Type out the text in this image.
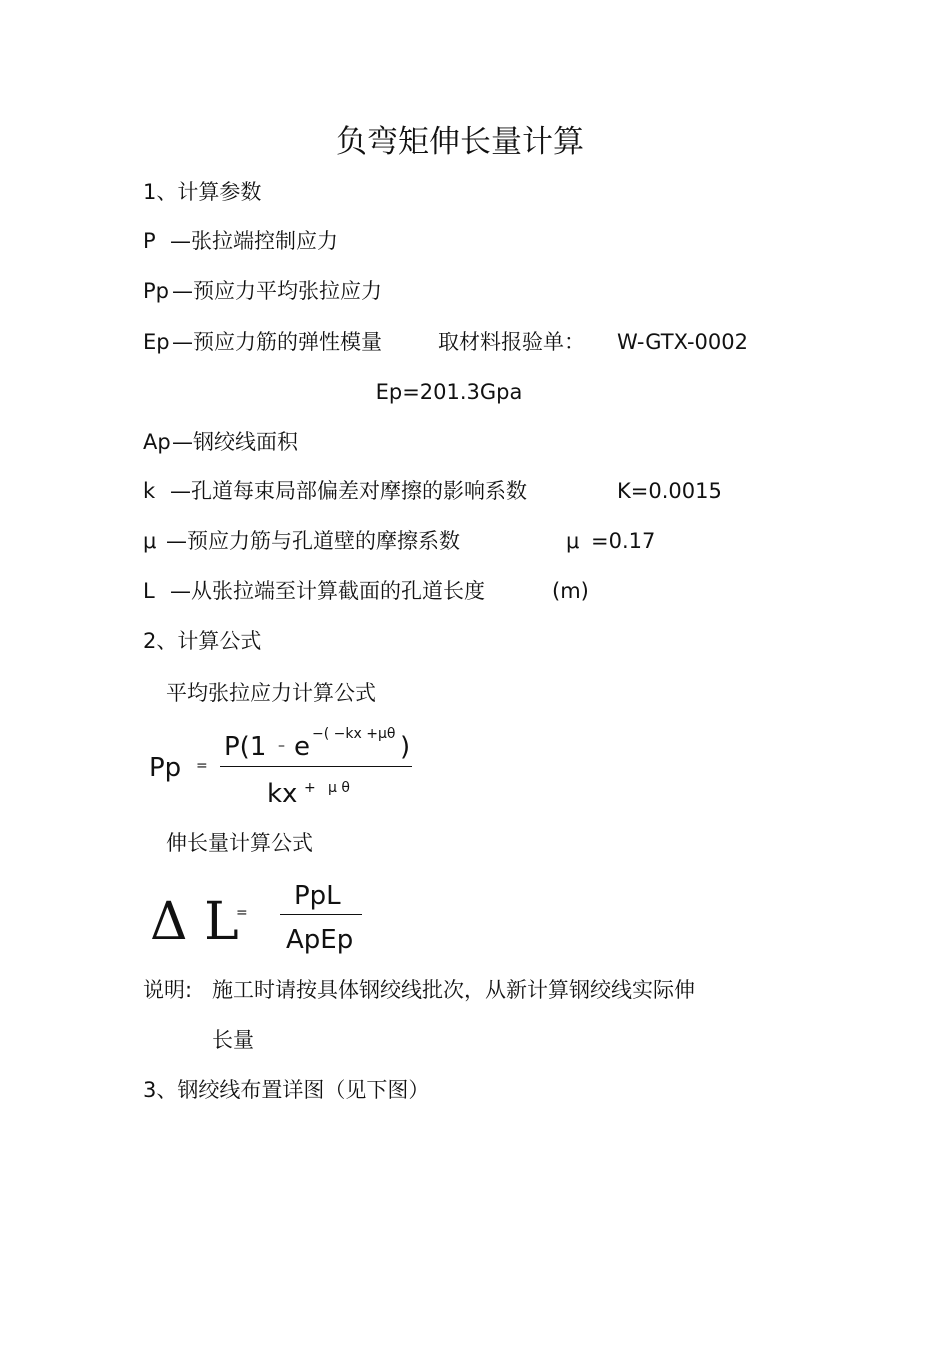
负弯矩伸长量计算
1、计算参数
P —张拉端控制应力
Pp —预应力平均张拉应力
Ep —预应力筋的弹性模量	取材料报验单： W-GTX-0002
Ep=201.3Gpa
Ap —钢绞线面积
k —孔道每束局部偏差对摩擦的影响系数	K=0.0015
μ —预应力筋与孔道壁的摩擦系数	μ =0.17
L —从张拉端至计算截面的孔道长度	(m)
2、计算公式
平均张拉应力计算公式
Pp =
P(1 – e −( −kx +μθ )
kx + μ θ
伸长量计算公式
Δ L
=
PpL
ApEp
说明: 施工时请按具体钢绞线批次，从新计算钢绞线实际伸
长量
3、钢绞线布置详图（见下图）
